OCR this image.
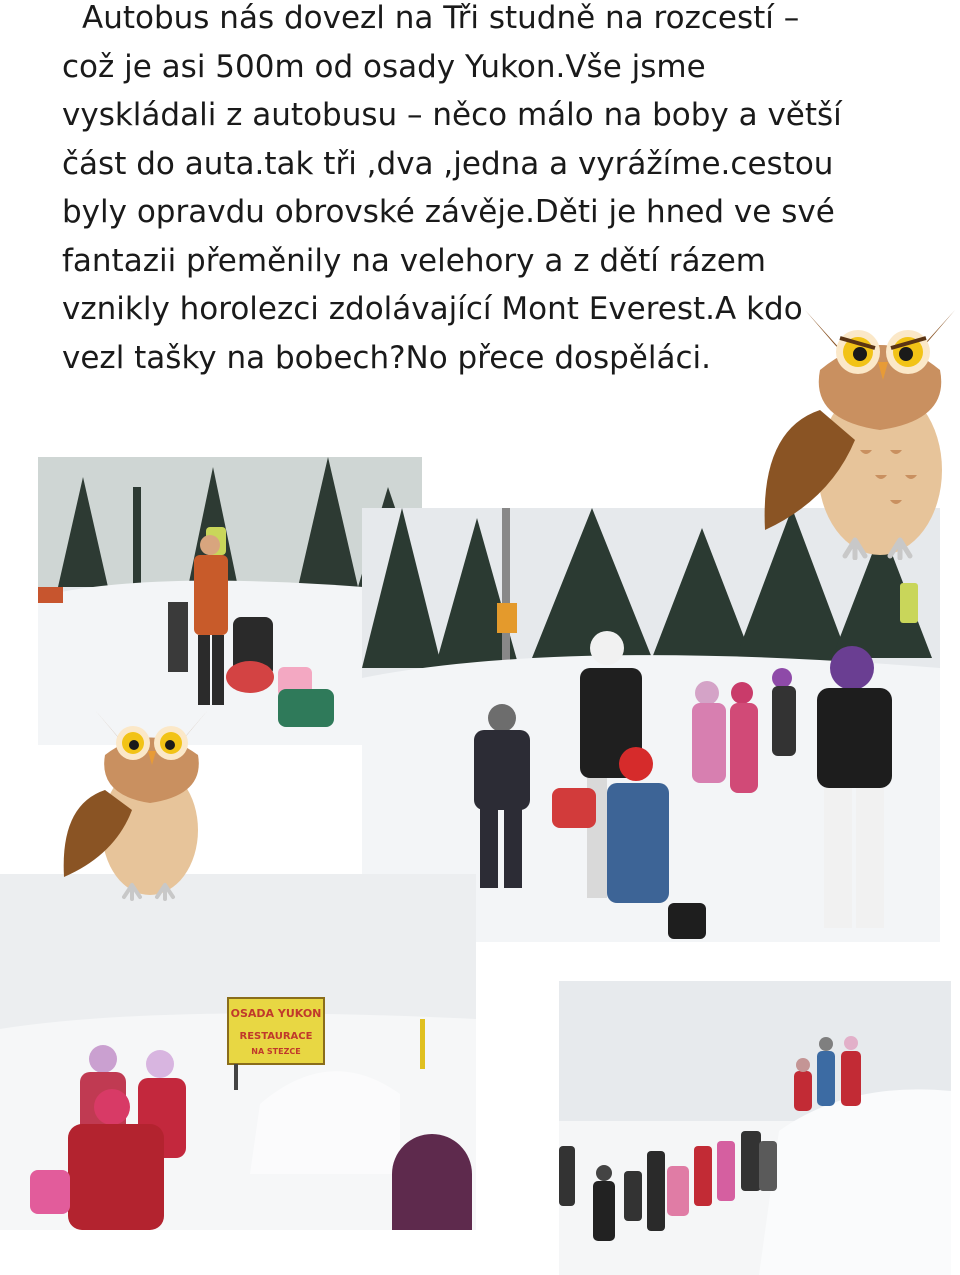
Autobus nás dovezl na Tři studně na rozcestí – což je asi 500m od osady Yukon.Vše jsme vyskládali z autobusu – něco málo na boby a větší část do auta.tak tři ,dva ,jedna a vyrážíme.cestou byly opravdu obrovské závěje.Děti je hned ve své fantazii přeměnily na velehory a z dětí rázem vznikly horolezci zdolávající Mont Everest.A kdo vezl tašky na bobech?No přece dospěláci.

OSADA YUKON
RESTAURACE
NA STEZCE
